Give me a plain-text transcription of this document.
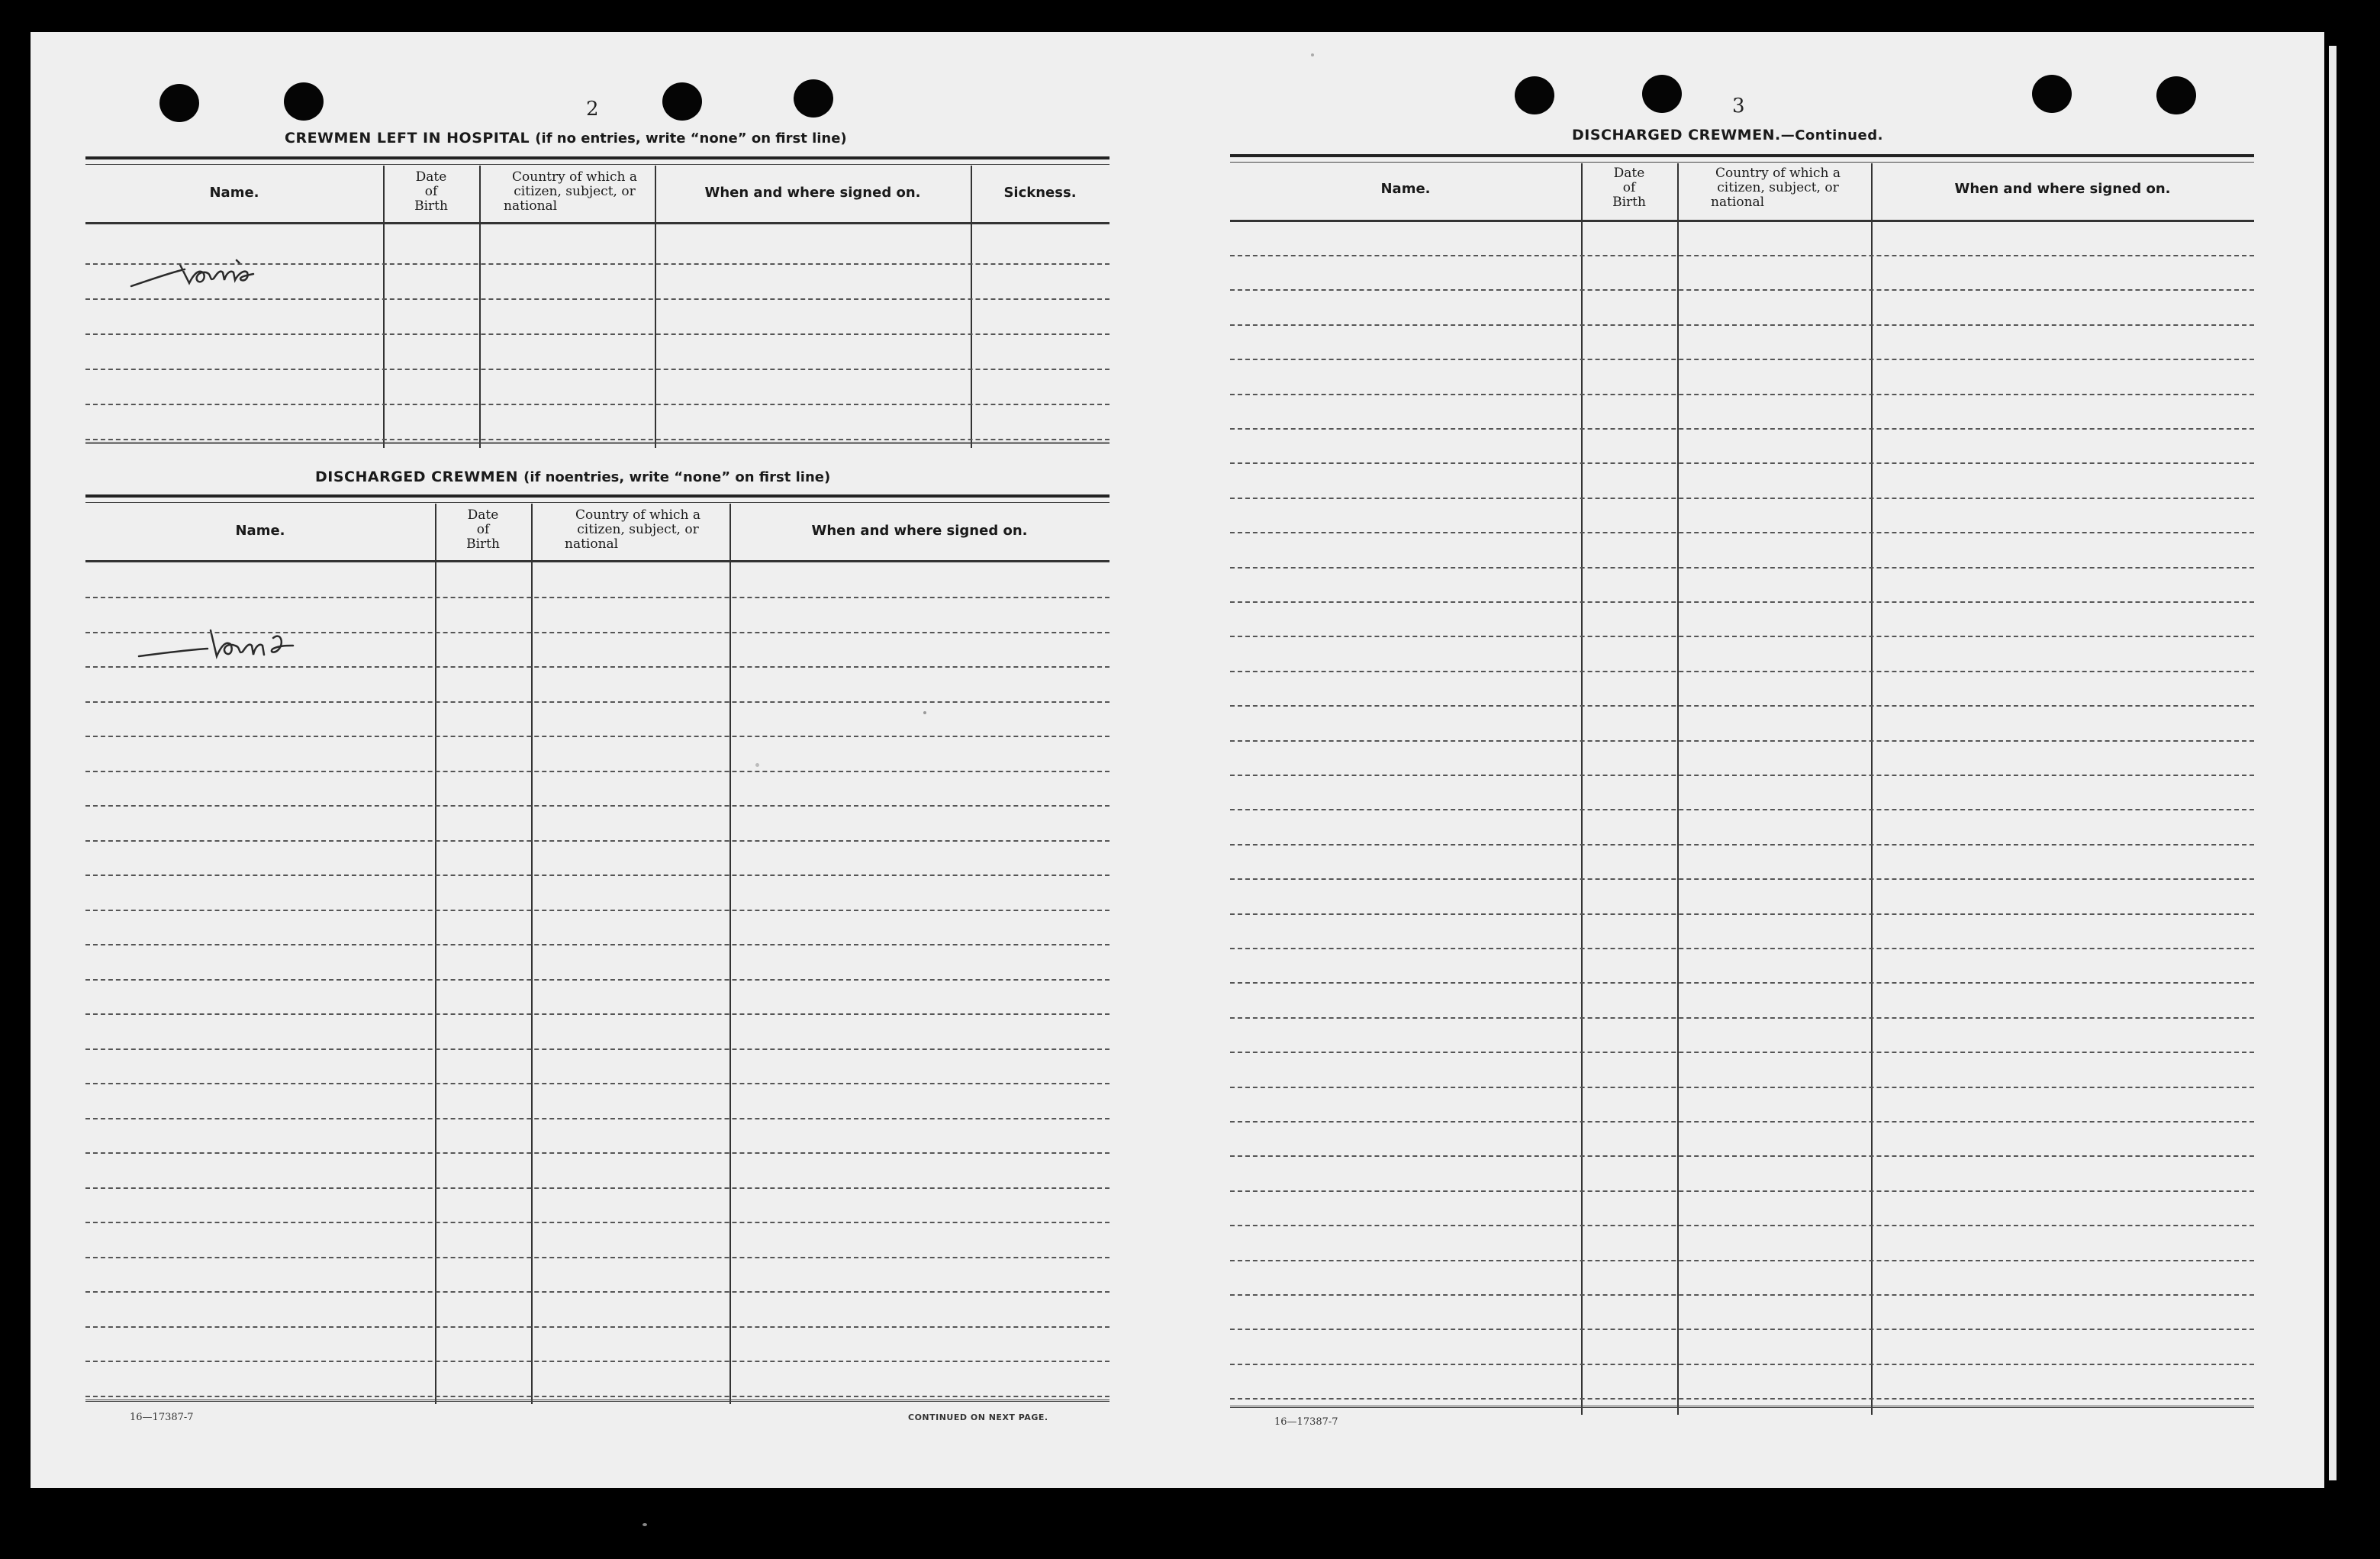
2
CREWMEN LEFT IN HOSPITAL (if no entries, write “none” on first line)
Name.
Date
of
Birth
Country of which a
citizen, subject, or
national
When and where signed on.	Sickness.
DISCHARGED CREWMEN (if noentries, write “none” on first line)
Name.
Date
of
Birth
Country of which a
citizen, subject, or
national
When and where signed on.
16—17387-7	CONTINUED ON NEXT PAGE.
3
DISCHARGED CREWMEN.—Continued.
Name.
Date
of
Birth
Country of which a
citizen, subject, or
national
When and where signed on.
16—17387-7
